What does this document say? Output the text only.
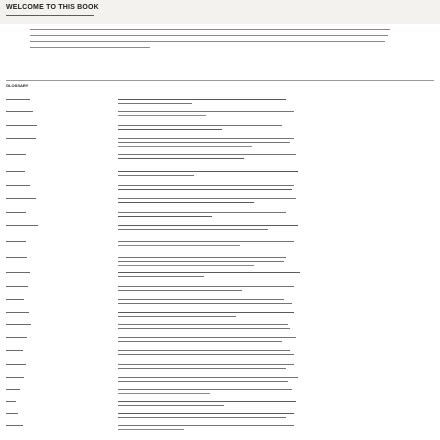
WELCOME TO THIS BOOK
GLOSSARY
